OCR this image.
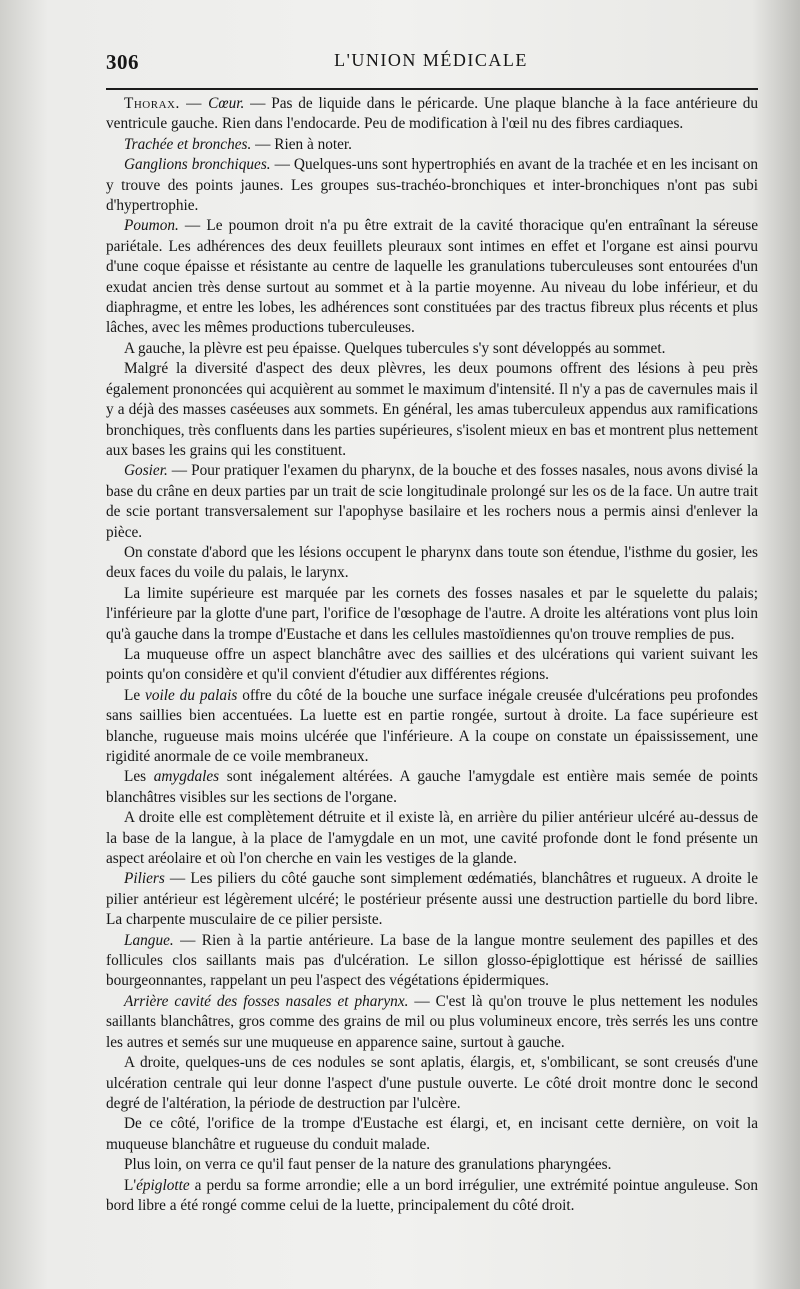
306	L'UNION MÉDICALE

Thorax. — Cœur. — Pas de liquide dans le péricarde. Une plaque blanche à la face antérieure du ventricule gauche. Rien dans l'endocarde. Peu de modification à l'œil nu des fibres cardiaques.

Trachée et bronches. — Rien à noter.

Ganglions bronchiques. — Quelques-uns sont hypertrophiés en avant de la trachée et en les incisant on y trouve des points jaunes. Les groupes sus-trachéo-bronchiques et inter-bronchiques n'ont pas subi d'hypertrophie.

Poumon. — Le poumon droit n'a pu être extrait de la cavité thoracique qu'en entraînant la séreuse pariétale. Les adhérences des deux feuillets pleuraux sont intimes en effet et l'organe est ainsi pourvu d'une coque épaisse et résistante au centre de laquelle les granulations tuberculeuses sont entourées d'un exudat ancien très dense surtout au sommet et à la partie moyenne. Au niveau du lobe inférieur, et du diaphragme, et entre les lobes, les adhérences sont constituées par des tractus fibreux plus récents et plus lâches, avec les mêmes productions tuberculeuses.

A gauche, la plèvre est peu épaisse. Quelques tubercules s'y sont développés au sommet.

Malgré la diversité d'aspect des deux plèvres, les deux poumons offrent des lésions à peu près également prononcées qui acquièrent au sommet le maximum d'intensité. Il n'y a pas de cavernules mais il y a déjà des masses caséeuses aux sommets. En général, les amas tuberculeux appendus aux ramifications bronchiques, très confluents dans les parties supérieures, s'isolent mieux en bas et montrent plus nettement aux bases les grains qui les constituent.

Gosier. — Pour pratiquer l'examen du pharynx, de la bouche et des fosses nasales, nous avons divisé la base du crâne en deux parties par un trait de scie longitudinale prolongé sur les os de la face. Un autre trait de scie portant transversalement sur l'apophyse basilaire et les rochers nous a permis ainsi d'enlever la pièce.

On constate d'abord que les lésions occupent le pharynx dans toute son étendue, l'isthme du gosier, les deux faces du voile du palais, le larynx.

La limite supérieure est marquée par les cornets des fosses nasales et par le squelette du palais; l'inférieure par la glotte d'une part, l'orifice de l'œsophage de l'autre. A droite les altérations vont plus loin qu'à gauche dans la trompe d'Eustache et dans les cellules mastoïdiennes qu'on trouve remplies de pus.

La muqueuse offre un aspect blanchâtre avec des saillies et des ulcérations qui varient suivant les points qu'on considère et qu'il convient d'étudier aux différentes régions.

Le voile du palais offre du côté de la bouche une surface inégale creusée d'ulcérations peu profondes sans saillies bien accentuées. La luette est en partie rongée, surtout à droite. La face supérieure est blanche, rugueuse mais moins ulcérée que l'inférieure. A la coupe on constate un épaississement, une rigidité anormale de ce voile membraneux.

Les amygdales sont inégalement altérées. A gauche l'amygdale est entière mais semée de points blanchâtres visibles sur les sections de l'organe.

A droite elle est complètement détruite et il existe là, en arrière du pilier antérieur ulcéré au-dessus de la base de la langue, à la place de l'amygdale en un mot, une cavité profonde dont le fond présente un aspect aréolaire et où l'on cherche en vain les vestiges de la glande.

Piliers — Les piliers du côté gauche sont simplement œdématiés, blanchâtres et rugueux. A droite le pilier antérieur est légèrement ulcéré; le postérieur présente aussi une destruction partielle du bord libre. La charpente musculaire de ce pilier persiste.

Langue. — Rien à la partie antérieure. La base de la langue montre seulement des papilles et des follicules clos saillants mais pas d'ulcération. Le sillon glosso-épiglottique est hérissé de saillies bourgeonnantes, rappelant un peu l'aspect des végétations épidermiques.

Arrière cavité des fosses nasales et pharynx. — C'est là qu'on trouve le plus nettement les nodules saillants blanchâtres, gros comme des grains de mil ou plus volumineux encore, très serrés les uns contre les autres et semés sur une muqueuse en apparence saine, surtout à gauche.

A droite, quelques-uns de ces nodules se sont aplatis, élargis, et, s'ombilicant, se sont creusés d'une ulcération centrale qui leur donne l'aspect d'une pustule ouverte. Le côté droit montre donc le second degré de l'altération, la période de destruction par l'ulcère.

De ce côté, l'orifice de la trompe d'Eustache est élargi, et, en incisant cette dernière, on voit la muqueuse blanchâtre et rugueuse du conduit malade.

Plus loin, on verra ce qu'il faut penser de la nature des granulations pharyngées.

L'épiglotte a perdu sa forme arrondie; elle a un bord irrégulier, une extrémité pointue anguleuse. Son bord libre a été rongé comme celui de la luette, principalement du côté droit.
